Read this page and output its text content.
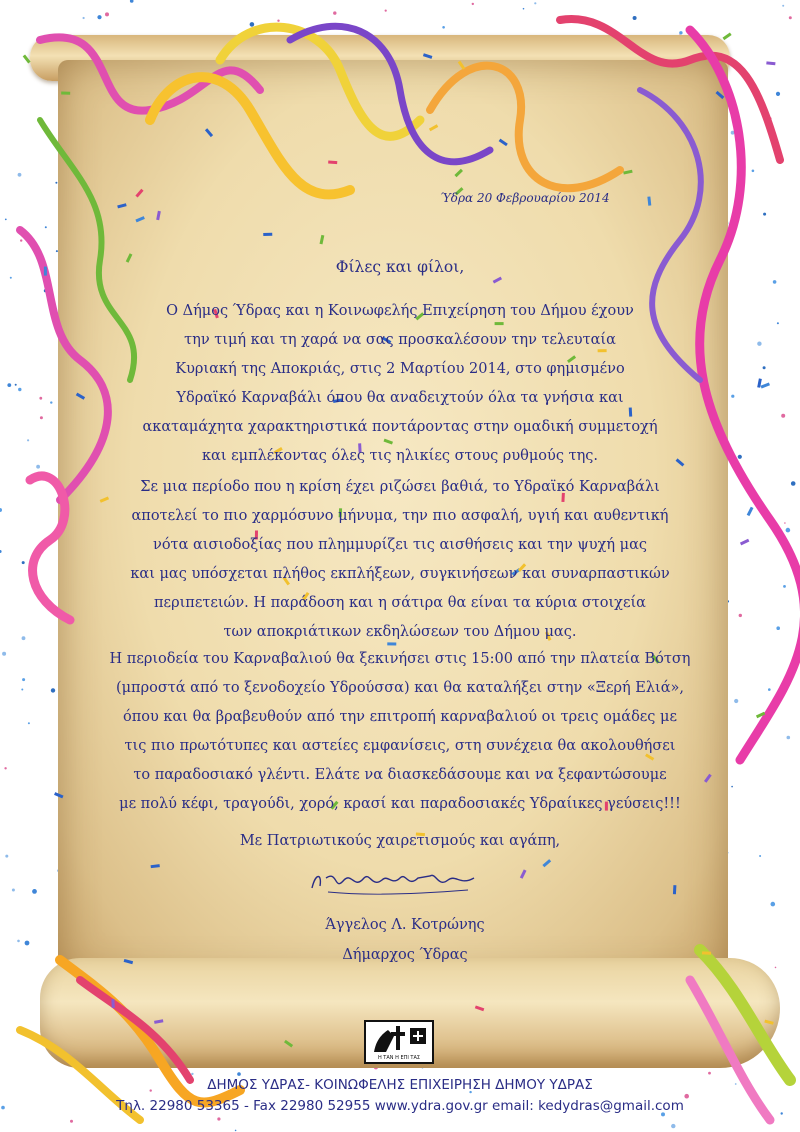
Ύδρα 20 Φεβρουαρίου 2014
Φίλες και φίλοι,
Ο Δήμος Ύδρας και η Κοινωφελής Επιχείρηση του Δήμου έχουν
την τιμή και τη χαρά να σας προσκαλέσουν την τελευταία
Κυριακή της Αποκριάς, στις 2 Μαρτίου 2014, στο φημισμένο
Υδραϊκό Καρναβάλι όπου θα αναδειχτούν όλα τα γνήσια και
ακαταμάχητα χαρακτηριστικά ποντάροντας στην ομαδική συμμετοχή
και εμπλέκοντας όλες τις ηλικίες στους ρυθμούς της.
Σε μια περίοδο που η κρίση έχει ριζώσει βαθιά, το Υδραϊκό Καρναβάλι
αποτελεί το πιο χαρμόσυνο μήνυμα, την πιο ασφαλή, υγιή και αυθεντική
νότα αισιοδοξίας που πλημμυρίζει τις αισθήσεις και την ψυχή μας
και μας υπόσχεται πλήθος εκπλήξεων, συγκινήσεων και συναρπαστικών
περιπετειών. Η παράδοση και η σάτιρα θα είναι τα κύρια στοιχεία
των αποκριάτικων εκδηλώσεων του Δήμου μας.
Η περιοδεία του Καρναβαλιού θα ξεκινήσει στις 15:00 από την πλατεία Βότση
(μπροστά από το ξενοδοχείο Υδρούσσα) και θα καταλήξει στην «Ξερή Ελιά»,
όπου και θα βραβευθούν από την επιτροπή καρναβαλιού οι τρεις ομάδες με
τις πιο πρωτότυπες και αστείες εμφανίσεις, στη συνέχεια θα ακολουθήσει
το παραδοσιακό γλέντι. Ελάτε να διασκεδάσουμε και να ξεφαντώσουμε
με πολύ κέφι, τραγούδι, χορό, κρασί και παραδοσιακές Υδραίικες γεύσεις!!!
Με Πατριωτικούς χαιρετισμούς και αγάπη,
Άγγελος Λ. Κοτρώνης
Δήμαρχος Ύδρας
Η ΤΑΝ Η ΕΠΙ ΤΑΣ
ΔΗΜΟΣ ΥΔΡΑΣ- ΚΟΙΝΩΦΕΛΗΣ ΕΠΙΧΕΙΡΗΣΗ ΔΗΜΟΥ ΥΔΡΑΣ
Τηλ. 22980 53365 - Fax 22980 52955 www.ydra.gov.gr email: kedydras@gmail.com
